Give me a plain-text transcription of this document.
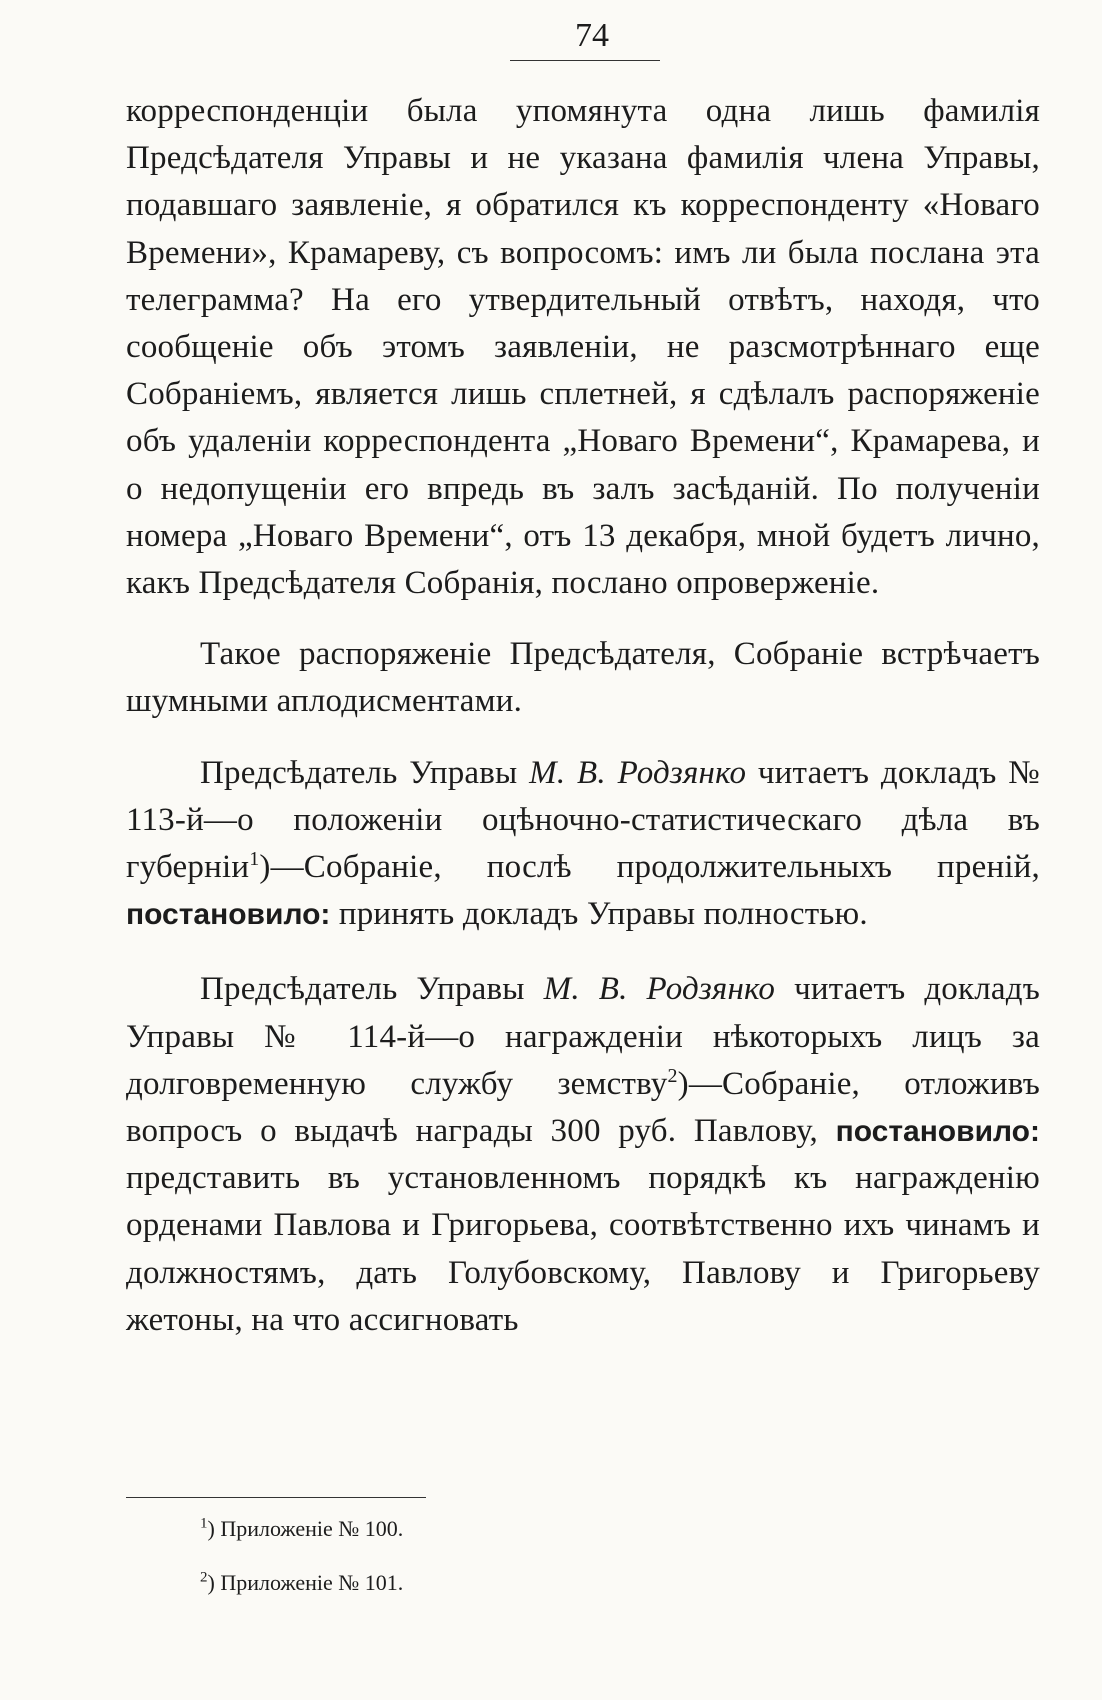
74

корреспонденціи была упомянута одна лишь фамилія Предсѣдателя Управы и не указана фамилія члена Управы, подавшаго заявленіе, я обратился къ корреспонденту «Новаго Времени», Крамареву, съ вопросомъ: имъ ли была послана эта телеграмма? На его утвердительный отвѣтъ, находя, что сообщеніе объ этомъ заявленіи, не разсмотрѣннаго еще Собраніемъ, является лишь сплетней, я сдѣлалъ распоряженіе объ удаленіи корреспондента „Новаго Времени“, Крамарева, и о недопущеніи его впредь въ залъ засѣданій. По полученіи номера „Новаго Времени“, отъ 13 декабря, мной будетъ лично, какъ Предсѣдателя Собранія, послано опроверженіе.

Такое распоряженіе Предсѣдателя, Собраніе встрѣчаетъ шумными аплодисментами.

Предсѣдатель Управы М. В. Родзянко читаетъ докладъ № 113-й—о положеніи оцѣночно-статистическаго дѣла въ губерніи$^1$)—Собраніе, послѣ продолжительныхъ преній, постановило: принять докладъ Управы полностью.

Предсѣдатель Управы М. В. Родзянко читаетъ докладъ Управы № 114-й—о награжденіи нѣкоторыхъ лицъ за долговременную службу земству$^2$)—Собраніе, отложивъ вопросъ о выдачѣ награды 300 руб. Павлову, постановило: представить въ установленномъ порядкѣ къ награжденію орденами Павлова и Григорьева, соотвѣтственно ихъ чинамъ и должностямъ, дать Голубовскому, Павлову и Григорьеву жетоны, на что ассигновать

$^1$) Приложеніе № 100.
$^2$) Приложеніе № 101.
